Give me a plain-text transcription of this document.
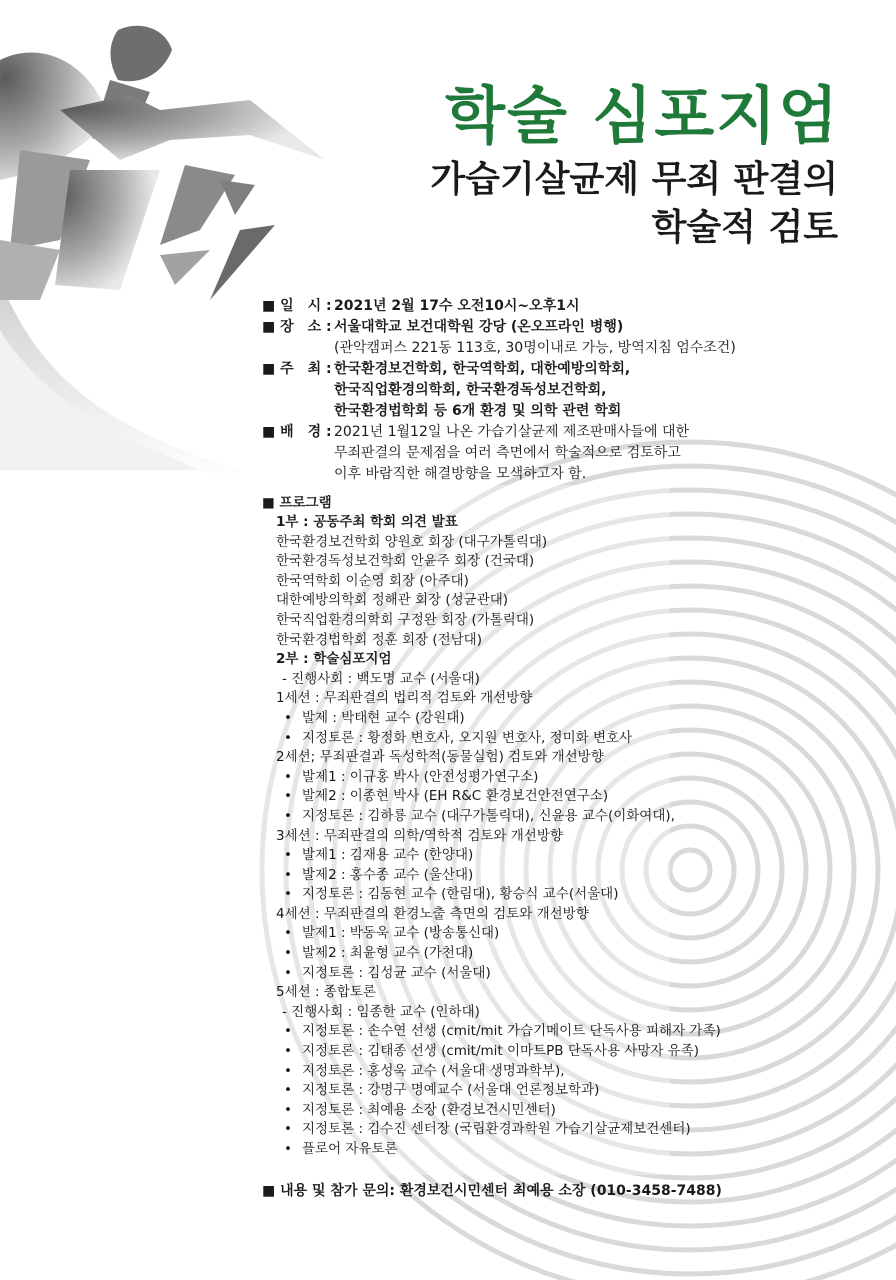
학술 심포지엄
가습기살균제 무죄 판결의
학술적 검토
■ 일　시 : 2021년 2월 17수 오전10시~오후1시
■ 장　소 : 서울대학교 보건대학원 강당 (온오프라인 병행)
(관악캠퍼스 221동 113호, 30명이내로 가능, 방역지침 엄수조건)
■ 주　최 : 한국환경보건학회, 한국역학회, 대한예방의학회,
한국직업환경의학회, 한국환경독성보건학회,
한국환경법학회 등 6개 환경 및 의학 관련 학회
■ 배　경 : 2021년 1월12일 나온 가습기살균제 제조판매사들에 대한
무죄판결의 문제점을 여러 측면에서 학술적으로 검토하고
이후 바람직한 해결방향을 모색하고자 함.
■ 프로그램
1부 : 공동주최 학회 의견 발표
한국환경보건학회 양원호 회장 (대구가톨릭대)
한국환경독성보건학회 안윤주 회장 (건국대)
한국역학회 이순영 회장 (아주대)
대한예방의학회 정해관 회장 (성균관대)
한국직업환경의학회 구정완 회장 (가톨릭대)
한국환경법학회 정훈 회장 (전남대)
2부 : 학술심포지엄
- 진행사회 : 백도명 교수 (서울대)
1세션 : 무죄판결의 법리적 검토와 개선방향
• 발제 : 박태현 교수 (강원대)
• 지정토론 : 황정화 변호사, 오지원 변호사, 정미화 변호사
2세션; 무죄판결과 독성학적(동물실험) 검토와 개선방향
• 발제1 : 이규홍 박사 (안전성평가연구소)
• 발제2 : 이종현 박사 (EH R&C 환경보건안전연구소)
• 지정토론 : 김하룡 교수 (대구가톨릭대), 신윤용 교수(이화여대),
3세션 : 무죄판결의 의학/역학적 검토와 개선방향
• 발제1 : 김재용 교수 (한양대)
• 발제2 : 홍수종 교수 (울산대)
• 지정토론 : 김동현 교수 (한림대), 황승식 교수(서울대)
4세션 : 무죄판결의 환경노출 측면의 검토와 개선방향
• 발제1 : 박동욱 교수 (방송통신대)
• 발제2 : 최윤형 교수 (가천대)
• 지정토론 : 김성균 교수 (서울대)
5세션 : 종합토론
- 진행사회 : 임종한 교수 (인하대)
• 지정토론 : 손수연 선생 (cmit/mit 가습기메이트 단독사용 피해자 가족)
• 지정토론 : 김태종 선생 (cmit/mit 이마트PB 단독사용 사망자 유족)
• 지정토론 : 홍성욱 교수 (서울대 생명과학부),
• 지정토론 : 강명구 명예교수 (서울대 언론정보학과)
• 지정토론 : 최예용 소장 (환경보건시민센터)
• 지정토론 : 김수진 센터장 (국립환경과학원 가습기살균제보건센터)
• 플로어 자유토론
■ 내용 및 참가 문의: 환경보건시민센터 최예용 소장 (010-3458-7488)
